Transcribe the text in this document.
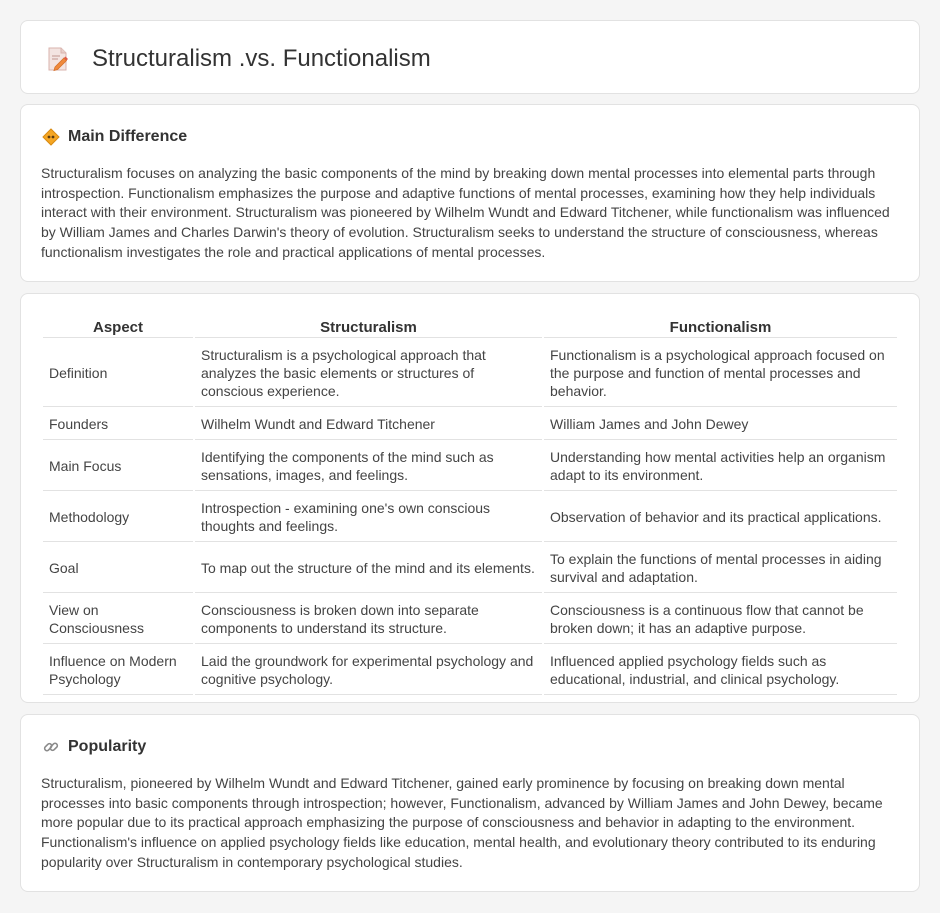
Structuralism .vs. Functionalism
Main Difference

Structuralism focuses on analyzing the basic components of the mind by breaking down mental processes into elemental parts through introspection. Functionalism emphasizes the purpose and adaptive functions of mental processes, examining how they help individuals interact with their environment. Structuralism was pioneered by Wilhelm Wundt and Edward Titchener, while functionalism was influenced by William James and Charles Darwin's theory of evolution. Structuralism seeks to understand the structure of consciousness, whereas functionalism investigates the role and practical applications of mental processes.

Aspect	Structuralism	Functionalism
Definition	Structuralism is a psychological approach that analyzes the basic elements or structures of conscious experience.	Functionalism is a psychological approach focused on the purpose and function of mental processes and behavior.
Founders	Wilhelm Wundt and Edward Titchener	William James and John Dewey
Main Focus	Identifying the components of the mind such as sensations, images, and feelings.	Understanding how mental activities help an organism adapt to its environment.
Methodology	Introspection - examining one's own conscious thoughts and feelings.	Observation of behavior and its practical applications.
Goal	To map out the structure of the mind and its elements.	To explain the functions of mental processes in aiding survival and adaptation.
View on Consciousness	Consciousness is broken down into separate components to understand its structure.	Consciousness is a continuous flow that cannot be broken down; it has an adaptive purpose.
Influence on Modern Psychology	Laid the groundwork for experimental psychology and cognitive psychology.	Influenced applied psychology fields such as educational, industrial, and clinical psychology.
Popularity

Structuralism, pioneered by Wilhelm Wundt and Edward Titchener, gained early prominence by focusing on breaking down mental processes into basic components through introspection; however, Functionalism, advanced by William James and John Dewey, became more popular due to its practical approach emphasizing the purpose of consciousness and behavior in adapting to the environment. Functionalism's influence on applied psychology fields like education, mental health, and evolutionary theory contributed to its enduring popularity over Structuralism in contemporary psychological studies.
